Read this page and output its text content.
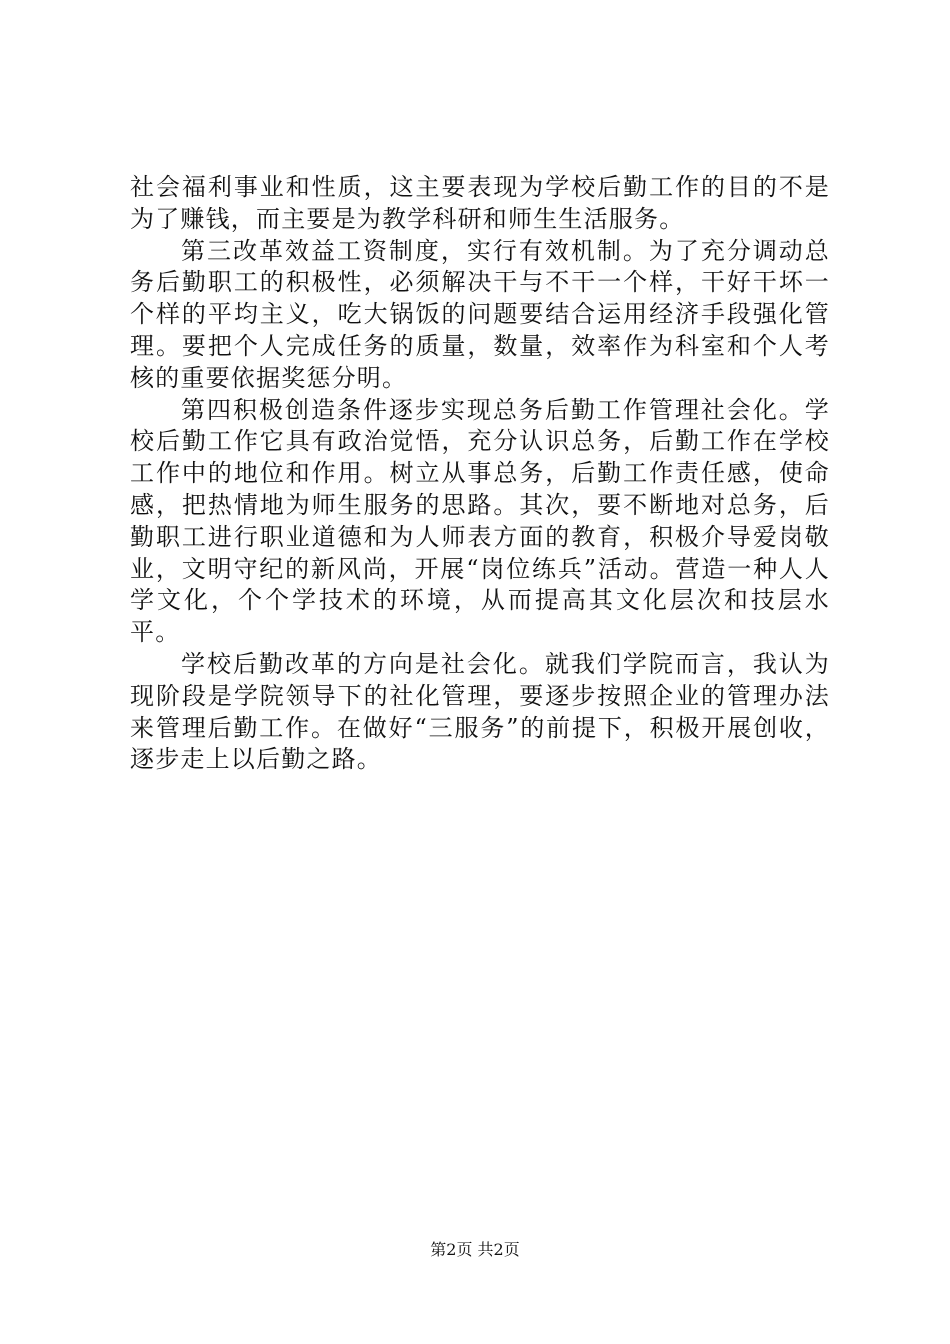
社会福利事业和性质，这主要表现为学校后勤工作的目的不是为了赚钱，而主要是为教学科研和师生生活服务。

第三改革效益工资制度，实行有效机制。为了充分调动总务后勤职工的积极性，必须解决干与不干一个样，干好干坏一个样的平均主义，吃大锅饭的问题要结合运用经济手段强化管理。要把个人完成任务的质量，数量，效率作为科室和个人考核的重要依据奖惩分明。

第四积极创造条件逐步实现总务后勤工作管理社会化。学校后勤工作它具有政治觉悟，充分认识总务，后勤工作在学校工作中的地位和作用。树立从事总务，后勤工作责任感，使命感，把热情地为师生服务的思路。其次，要不断地对总务，后勤职工进行职业道德和为人师表方面的教育，积极介导爱岗敬业，文明守纪的新风尚，开展“岗位练兵”活动。营造一种人人学文化，个个学技术的环境，从而提高其文化层次和技层水平。

学校后勤改革的方向是社会化。就我们学院而言，我认为现阶段是学院领导下的社化管理，要逐步按照企业的管理办法来管理后勤工作。在做好“三服务”的前提下，积极开展创收，逐步走上以后勤之路。

第2页 共2页
